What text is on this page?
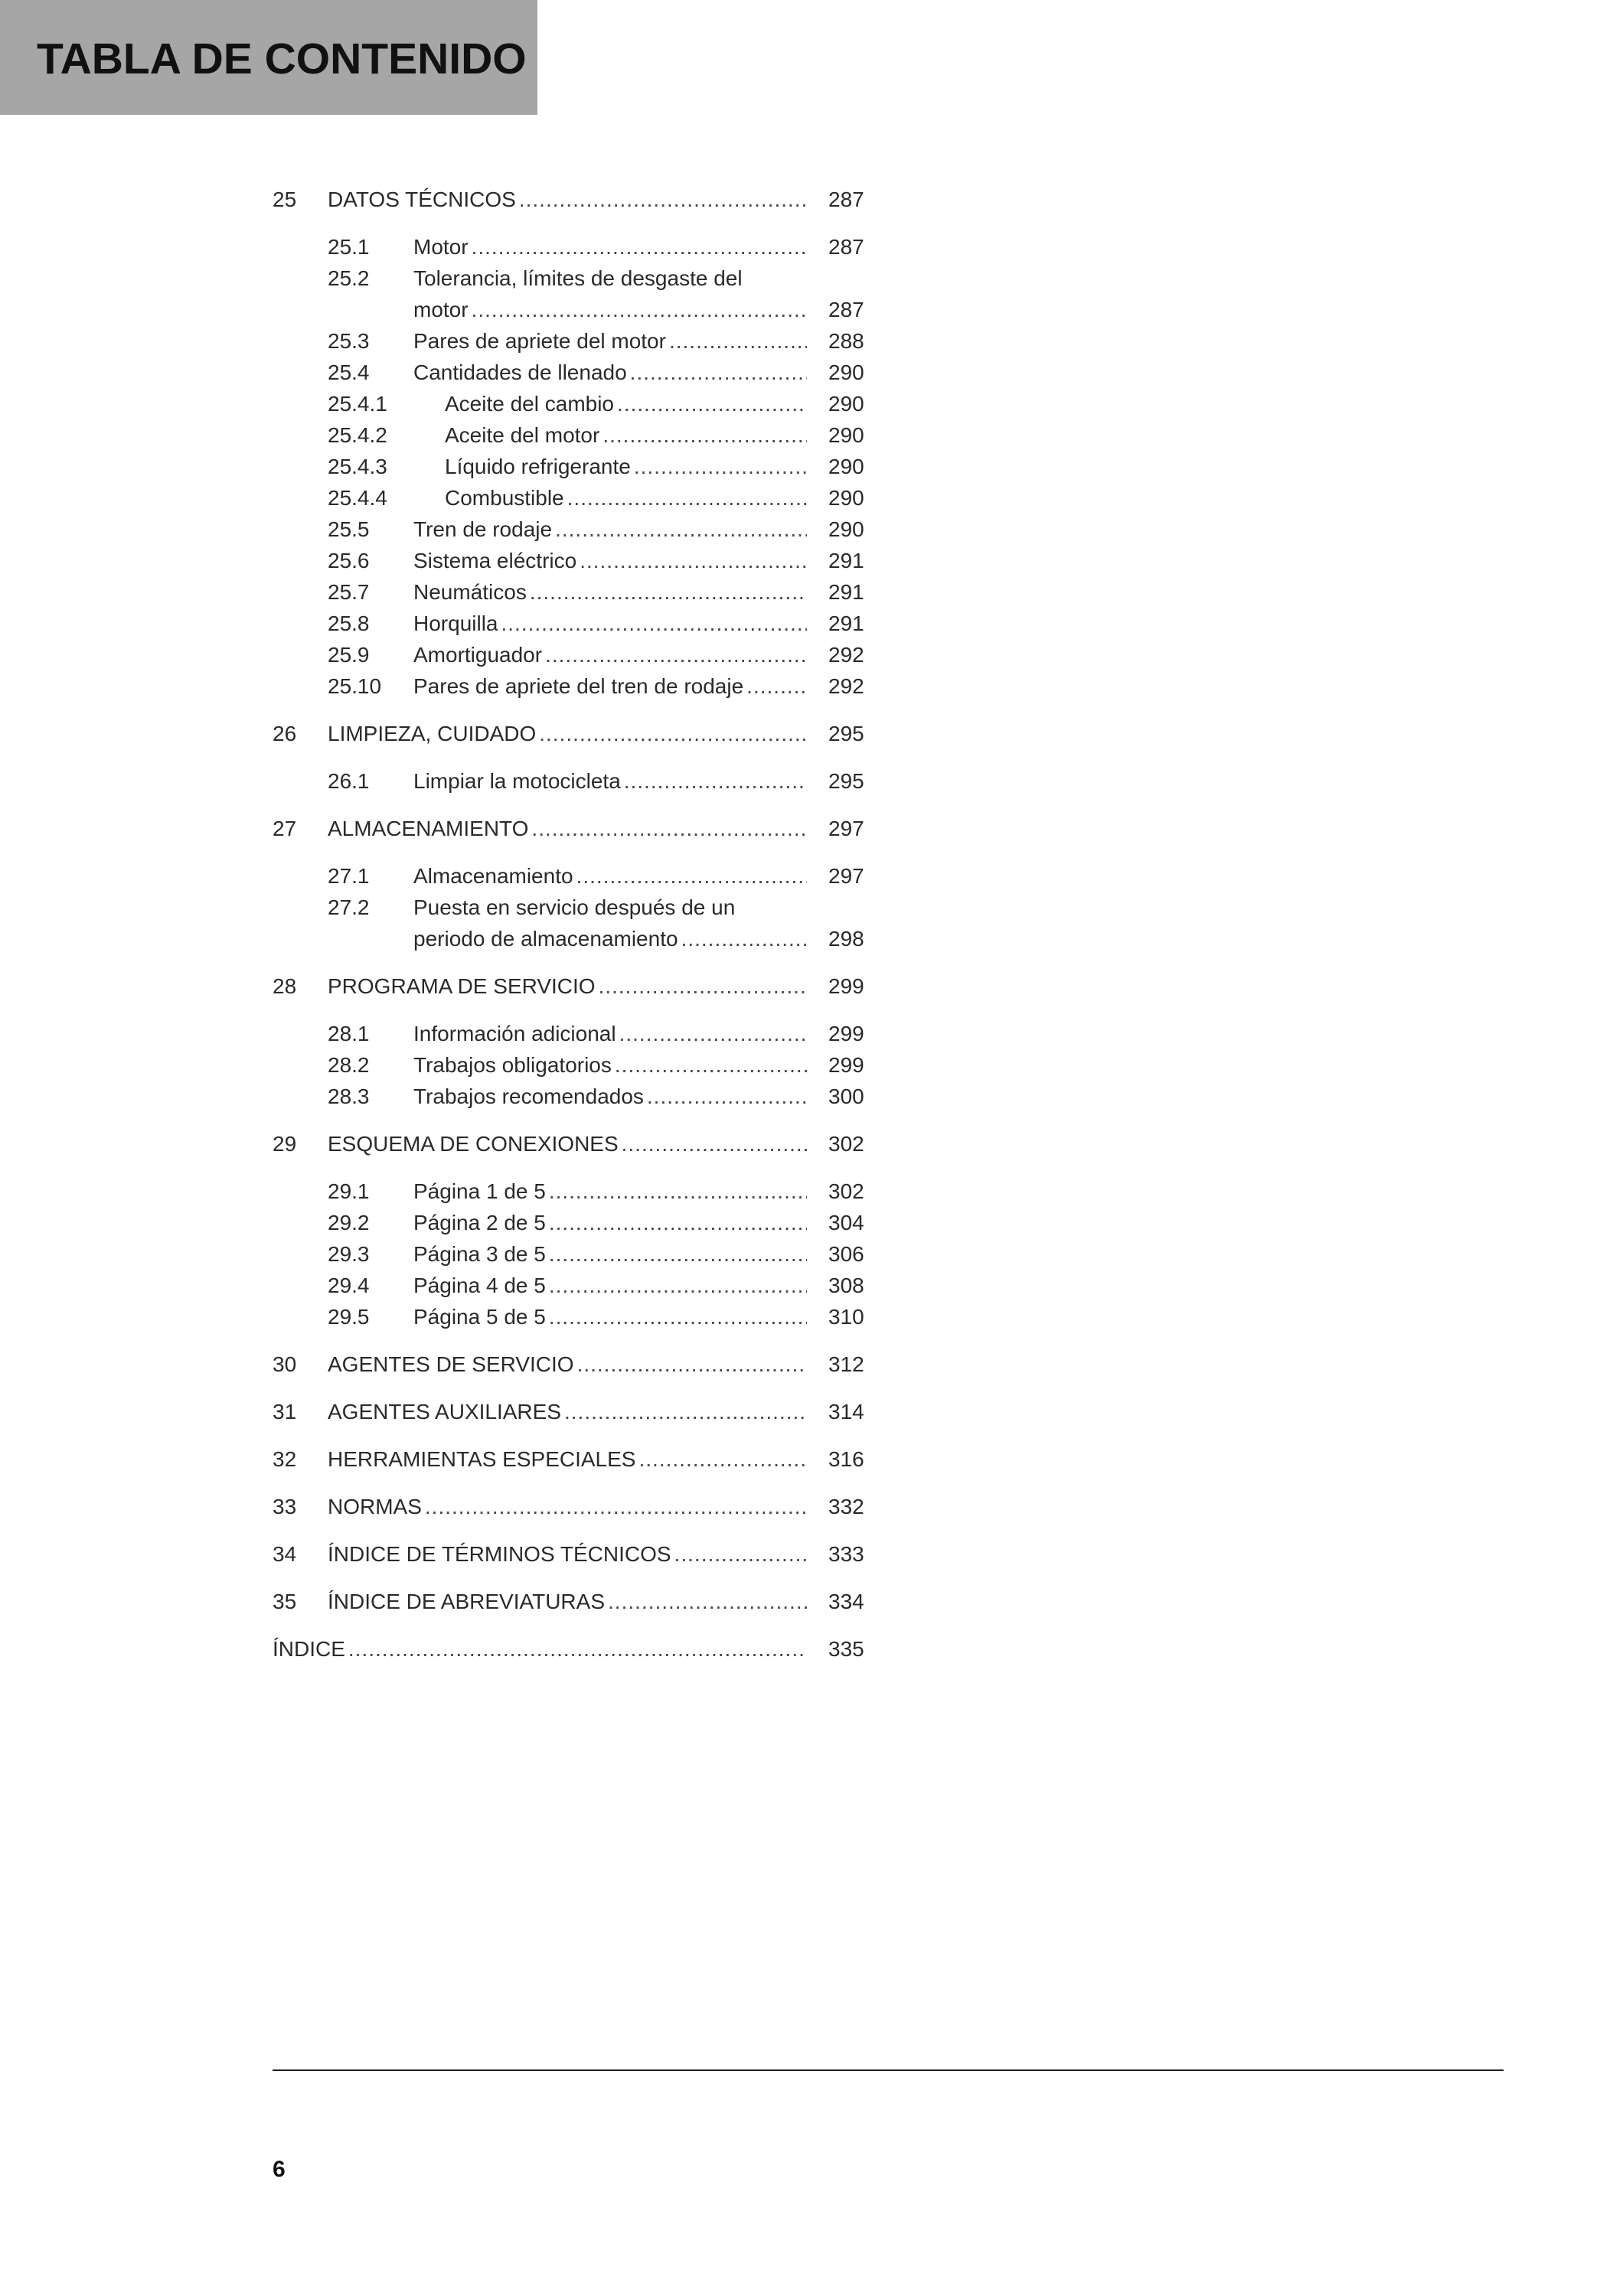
TABLA DE CONTENIDO
25 DATOS TÉCNICOS .....	287
25.1 Motor .....	287
25.2 Tolerancia, límites de desgaste del
motor .....	287
25.3 Pares de apriete del motor .....	288
25.4 Cantidades de llenado .....	290
25.4.1	Aceite del cambio .....	290
25.4.2	Aceite del motor .....	290
25.4.3	Líquido refrigerante .....	290
25.4.4	Combustible .....	290
25.5 Tren de rodaje .....	290
25.6 Sistema eléctrico .....	291
25.7 Neumáticos .....	291
25.8 Horquilla .....	291
25.9 Amortiguador .....	292
25.10 Pares de apriete del tren de rodaje .....	292
26 LIMPIEZA, CUIDADO .....	295
26.1 Limpiar la motocicleta .....	295
27 ALMACENAMIENTO .....	297
27.1 Almacenamiento .....	297
27.2 Puesta en servicio después de un
periodo de almacenamiento .....	298
28 PROGRAMA DE SERVICIO .....	299
28.1 Información adicional .....	299
28.2 Trabajos obligatorios .....	299
28.3 Trabajos recomendados .....	300
29 ESQUEMA DE CONEXIONES .....	302
29.1 Página 1 de 5 .....	302
29.2 Página 2 de 5 .....	304
29.3 Página 3 de 5 .....	306
29.4 Página 4 de 5 .....	308
29.5 Página 5 de 5 .....	310
30 AGENTES DE SERVICIO .....	312
31 AGENTES AUXILIARES .....	314
32 HERRAMIENTAS ESPECIALES .....	316
33 NORMAS .....	332
34 ÍNDICE DE TÉRMINOS TÉCNICOS .....	333
35 ÍNDICE DE ABREVIATURAS .....	334
ÍNDICE .....	335
6
